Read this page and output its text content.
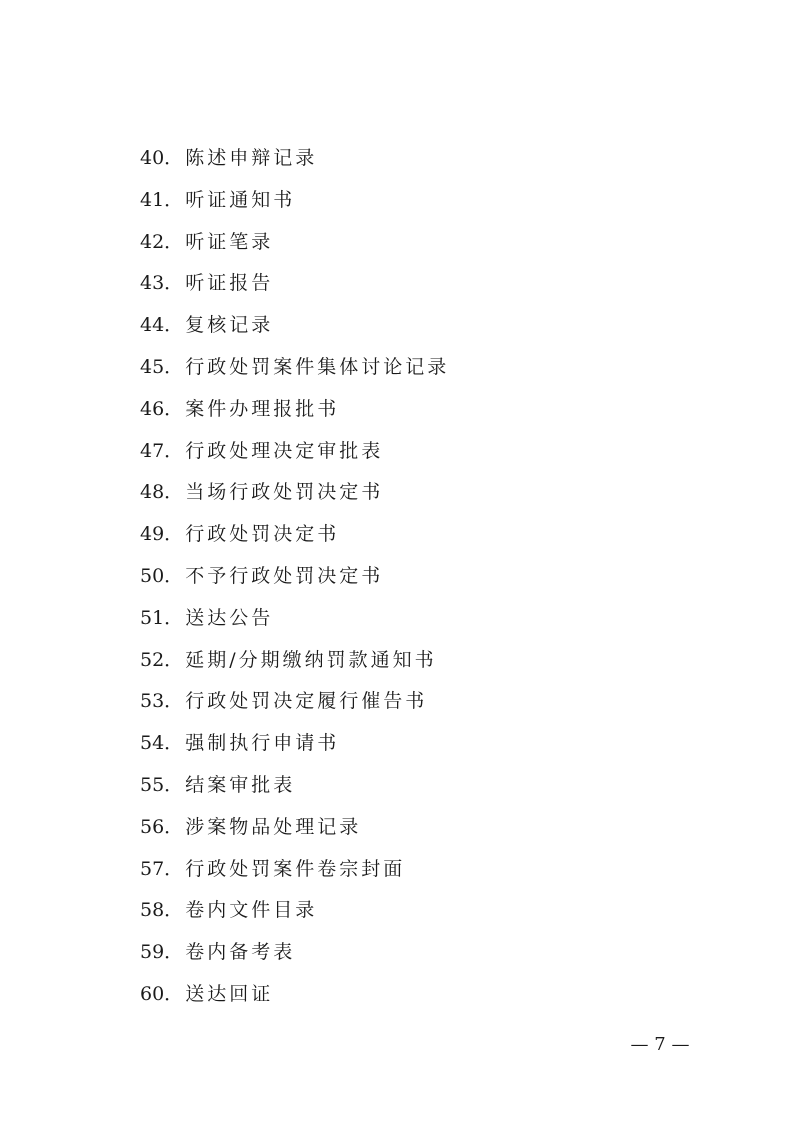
40． 陈述申辩记录
41． 听证通知书
42． 听证笔录
43． 听证报告
44． 复核记录
45． 行政处罚案件集体讨论记录
46． 案件办理报批书
47． 行政处理决定审批表
48． 当场行政处罚决定书
49． 行政处罚决定书
50． 不予行政处罚决定书
51． 送达公告
52． 延期/分期缴纳罚款通知书
53． 行政处罚决定履行催告书
54． 强制执行申请书
55． 结案审批表
56． 涉案物品处理记录
57． 行政处罚案件卷宗封面
58． 卷内文件目录
59． 卷内备考表
60． 送达回证
— 7 —
